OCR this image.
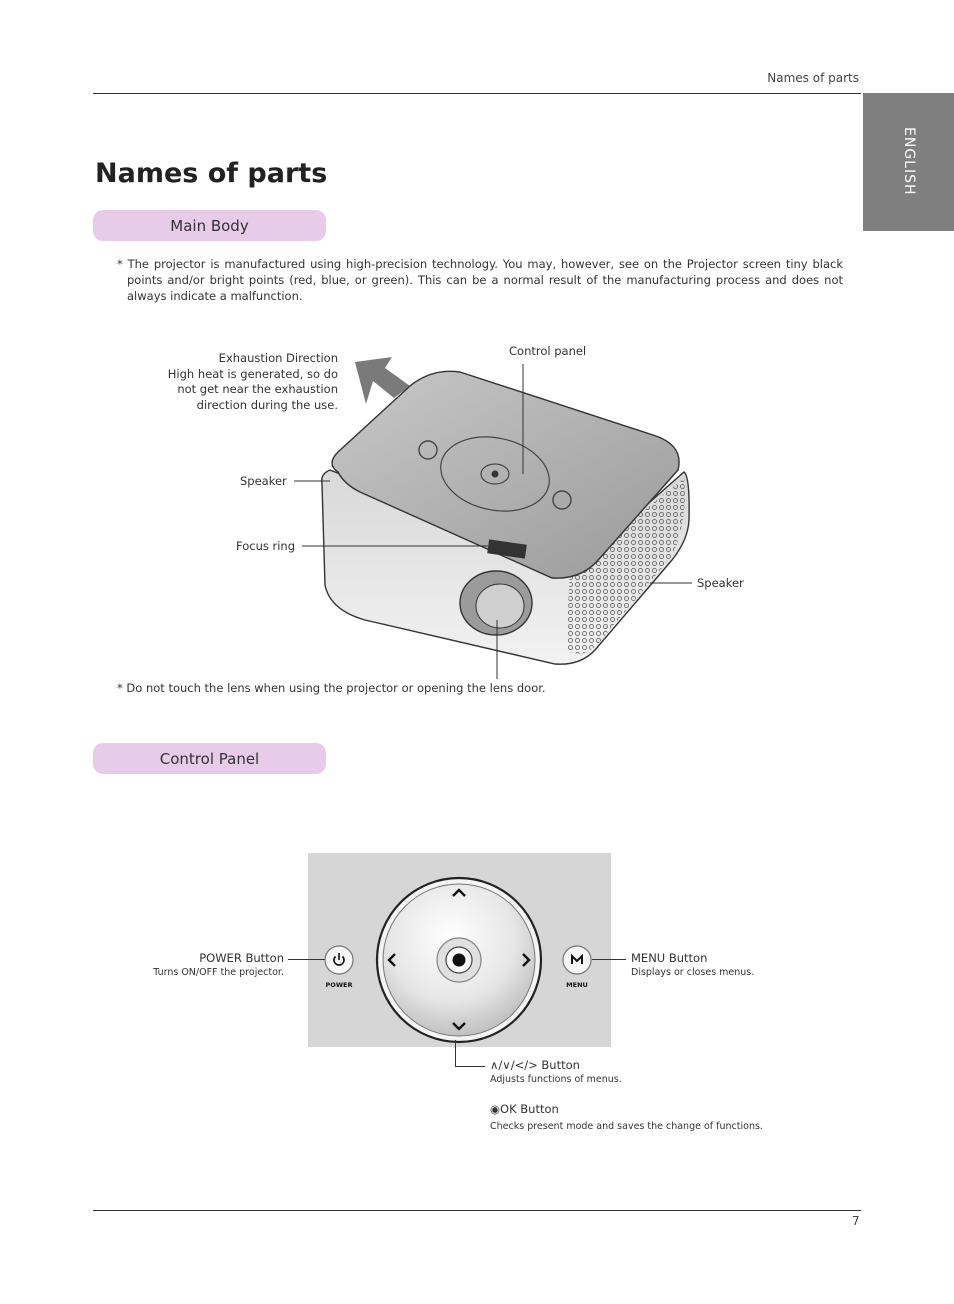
Names of parts
ENGLISH
Names of parts
Main Body
* The projector is manufactured using high-precision technology. You may, however, see on the Projector screen tiny black points and/or bright points (red, blue, or green). This can be a normal result of the manufacturing process and does not always indicate a malfunction.
Exhaustion Direction
High heat is generated, so do
not get near the exhaustion
direction during the use.
Control panel
Speaker
Focus ring
Speaker
* Do not touch the lens when using the projector or opening the lens door.
Control Panel
POWER	MENU
POWER Button
Turns ON/OFF the projector.
MENU Button
Displays or closes menus.
∧/∨/</> Button
Adjusts functions of menus.
◉OK Button
Checks present mode and saves the change of functions.
7
